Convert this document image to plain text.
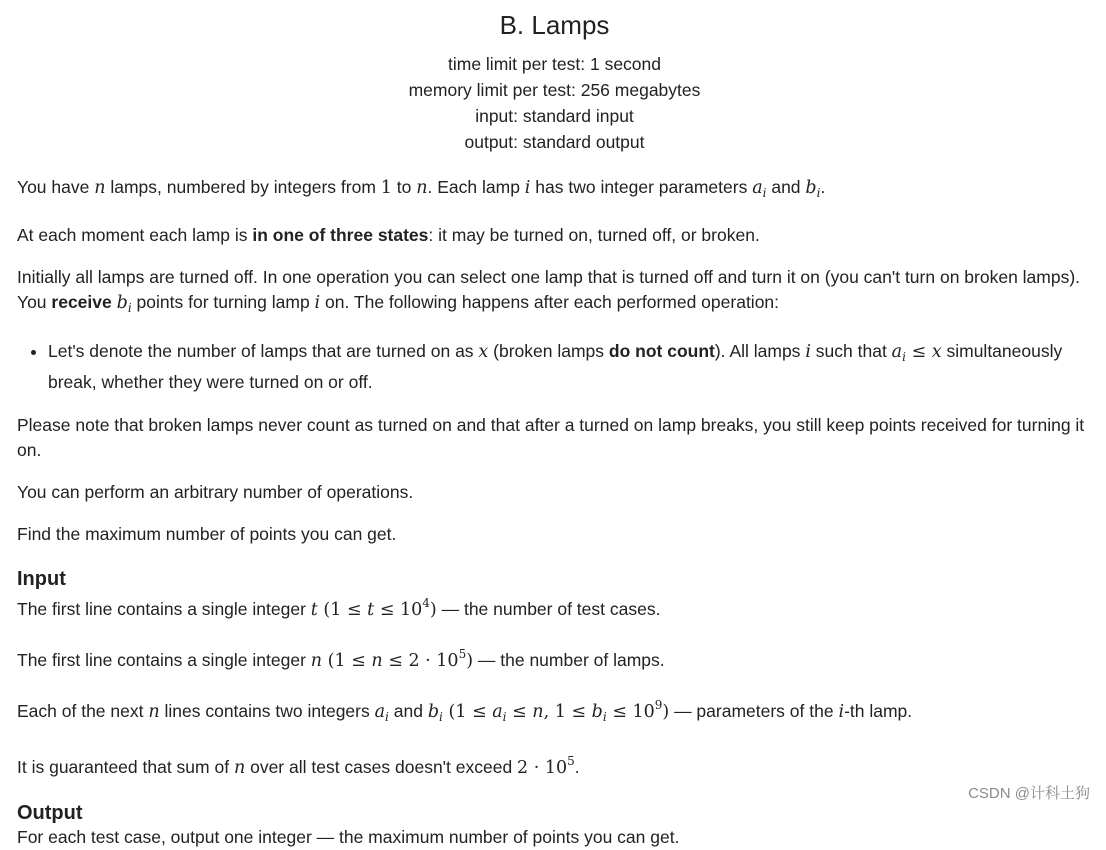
B. Lamps
time limit per test: 1 second
memory limit per test: 256 megabytes
input: standard input
output: standard output

You have n lamps, numbered by integers from 1 to n. Each lamp i has two integer parameters $a_i$ and $b_i$.

At each moment each lamp is in one of three states: it may be turned on, turned off, or broken.

Initially all lamps are turned off. In one operation you can select one lamp that is turned off and turn it on (you can't turn on broken lamps). You receive $b_i$ points for turning lamp i on. The following happens after each performed operation:

• Let's denote the number of lamps that are turned on as x (broken lamps do not count). All lamps i such that $a_i \le x$ simultaneously break, whether they were turned on or off.

Please note that broken lamps never count as turned on and that after a turned on lamp breaks, you still keep points received for turning it on.

You can perform an arbitrary number of operations.

Find the maximum number of points you can get.

Input

The first line contains a single integer t $(1 \le t \le 10^4)$ — the number of test cases.

The first line contains a single integer n $(1 \le n \le 2 \cdot 10^5)$ — the number of lamps.

Each of the next n lines contains two integers $a_i$ and $b_i$ ($1 \le a_i \le n$, $1 \le b_i \le 10^9$) — parameters of the i-th lamp.

It is guaranteed that sum of n over all test cases doesn't exceed $2 \cdot 10^5$.

Output

For each test case, output one integer — the maximum number of points you can get.

CSDN @计科土狗
